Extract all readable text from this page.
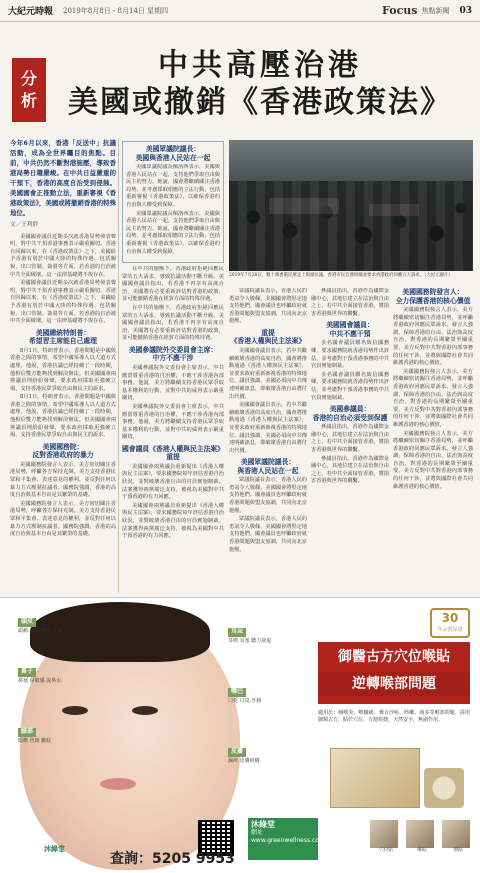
大紀元時報 2019年8月8日 - 8月14日 星期四	Focus 焦點新聞 03
分
析
中共高壓治港
美國或撤銷《香港政策法》
今年6月以來，香港「反送中」抗議活動，成為全世界矚目的焦點。目前，中共仍然不斷對港施壓，導致香港局勢日趨嚴峻。在中共日益嚴重的干預下，香港的高度自治受到侵蝕。美國國會正推動立法，重新審視《香港政策法》，美國或將撤銷香港的特殊地位。
文／王利群

美國國會議員近期多次就香港局勢發表聲明，對中共干預香港事務表示嚴重關切。香港自回歸以來，在《香港政策法》之下，美國給予香港有別於中國大陸的特殊待遇，包括關稅、出口管制、簽證等方面。若香港的自治被中共全面破壞，這一法律基礎將不復存在。

美國國會議員近期多次就香港局勢發表聲明，對中共干預香港事務表示嚴重關切。香港自回歸以來，在《香港政策法》之下，美國給予香港有別於中國大陸的特殊待遇，包括關稅、出口管制、簽證等方面。若香港的自治被中共全面破壞，這一法律基礎將不復存在。

美國總統特朗普：
希望習主席能自己處理

8月1日，特朗普表示，香港問題是中國與香港之間的事情，希望中國領導人以人道方式處理。他說，香港抗議已經持續了一段時間，他相信雙方能夠找到解決辦法。但美國國會兩黨議員則紛紛發聲，要求政府採取更強硬立場，支持香港民眾爭取自由與民主的訴求。

8月1日，特朗普表示，香港問題是中國與香港之間的事情，希望中國領導人以人道方式處理。他說，香港抗議已經持續了一段時間，他相信雙方能夠找到解決辦法。但美國國會兩黨議員則紛紛發聲，要求政府採取更強硬立場，支持香港民眾爭取自由與民主的訴求。

美國國務院：
反對香港政府的暴力

美國國務院發言人表示，美方密切關注香港局勢，呼籲各方保持克制。美方支持香港民眾和平集會、表達意見的權利，並反對任何以暴力方式壓制抗議者。國務院強調，香港的高度自治與基本自由是其繁榮的基礎。

美國國務院發言人表示，美方密切關注香港局勢，呼籲各方保持克制。美方支持香港民眾和平集會、表達意見的權利，並反對任何以暴力方式壓制抗議者。國務院強調，香港的高度自治與基本自由是其繁榮的基礎。

美國眾議院議長：
美國與香港人民站在一起

美國眾議院議長佩洛西表示，美國與香港人民站在一起，支持他們爭取自由與民主的努力。她說，國會將繼續關注香港局勢，並考慮採取相應的立法行動，包括重新審視《香港政策法》，以確保香港的自治與人權受到保障。

美國眾議院議長佩洛西表示，美國與香港人民站在一起，支持他們爭取自由與民主的努力。她說，國會將繼續關注香港局勢，並考慮採取相應的立法行動，包括重新審視《香港政策法》，以確保香港的自治與人權受到保障。

在中共的施壓下，香港政府拒絕回應民眾的五大訴求，導致抗議活動不斷升級。美國國會議員指出，若香港不再享有高度自治，美國將有必要重新評估對香港的政策，並可能撤銷香港在經貿方面的特殊待遇。

在中共的施壓下，香港政府拒絕回應民眾的五大訴求，導致抗議活動不斷升級。美國國會議員指出，若香港不再享有高度自治，美國將有必要重新評估對香港的政策，並可能撤銷香港在經貿方面的特殊待遇。

美國參議院外交委員會主席：
中方不應干涉

美國參議院外交委員會主席表示，中共應當尊重香港的自治權，不應干涉香港內部事務。他說，美方將繼續支持香港民眾爭取基本權利的行動，並對中共的威脅表示嚴重關切。

美國參議院外交委員會主席表示，中共應當尊重香港的自治權，不應干涉香港內部事務。他說，美方將繼續支持香港民眾爭取基本權利的行動，並對中共的威脅表示嚴重關切。

國會議員《香港人權與民主法案》
重提

美國國會兩黨議員重新提出《香港人權與民主法案》，要求國務院每年評估香港自治狀況，並對破壞香港自由的官員實施制裁。法案獲得兩黨廣泛支持，被視為美國對中共干預香港的有力回應。

美國國會兩黨議員重新提出《香港人權與民主法案》，要求國務院每年評估香港自治狀況，並對破壞香港自由的官員實施制裁。法案獲得兩黨廣泛支持，被視為美國對中共干預香港的有力回應。

2019年7月28日，數十萬香港民眾走上街頭抗議，香港市民自發組織並要求香港政府回應五大訴求。（大紀元圖片）

眾議院議長表示，香港人民的勇氣令人敬佩，美國國會將堅定地支持他們。國會議員也呼籲政府就香港問題與盟友協調，共同向北京施壓。

重提
《香港人權與民主法案》

美國國會議員表示，若中共繼續破壞香港的高度自治，國會將推動通過《香港人權與民主法案》，並要求政府重新審視香港的特殊地位。議員強調，美國必須向中共傳達明確訊息，即破壞香港自由將付出代價。

美國國會議員表示，若中共繼續破壞香港的高度自治，國會將推動通過《香港人權與民主法案》，並要求政府重新審視香港的特殊地位。議員強調，美國必須向中共傳達明確訊息，即破壞香港自由將付出代價。

美國眾議院議長：
與香港人民站在一起

眾議院議長表示，香港人民的勇氣令人敬佩，美國國會將堅定地支持他們。國會議員也呼籲政府就香港問題與盟友協調，共同向北京施壓。

眾議院議長表示，香港人民的勇氣令人敬佩，美國國會將堅定地支持他們。國會議員也呼籲政府就香港問題與盟友協調，共同向北京施壓。

參議員指出，香港作為國際金融中心，其地位建立在法治與自由之上，若中共全面接管香港，將損害香港與世界的聯繫。

美國國會議員：
中共不應干預

多名國會議員聯名致信國務卿，要求國務院就香港局勢作出評估，並考慮對干預香港事務的中共官員實施制裁。

多名國會議員聯名致信國務卿，要求國務院就香港局勢作出評估，並考慮對干預香港事務的中共官員實施制裁。

美國參議員：
香港的自治必須受到保護

參議員指出，香港作為國際金融中心，其地位建立在法治與自由之上，若中共全面接管香港，將損害香港與世界的聯繫。

參議員指出，香港作為國際金融中心，其地位建立在法治與自由之上，若中共全面接管香港，將損害香港與世界的聯繫。

美國國務院發言人：
全力保護香港的核心價值

美國國務院發言人表示，美方將繼續密切關注香港局勢，並呼籲香港政府回應民眾訴求。發言人強調，保障香港的自由、法治與高度自治，對香港的長期繁榮至關重要。美方反對中共對香港內部事務的任何干涉，並將與國際社會共同維護香港的核心價值。

美國國務院發言人表示，美方將繼續密切關注香港局勢，並呼籲香港政府回應民眾訴求。發言人強調，保障香港的自由、法治與高度自治，對香港的長期繁榮至關重要。美方反對中共對香港內部事務的任何干涉，並將與國際社會共同維護香港的核心價值。

美國國務院發言人表示，美方將繼續密切關注香港局勢，並呼籲香港政府回應民眾訴求。發言人強調，保障香港的自由、法治與高度自治，對香港的長期繁榮至關重要。美方反對中共對香港內部事務的任何干涉，並將與國際社會共同維護香港的核心價值。

頭皮
頭痛 頭昏 健忘 失眠
鼻子
鼻塞 鼻敏感 流鼻水
臉部
暗瘡 色斑 皺紋
耳朵
耳鳴 耳塞 聽力衰退
嘴巴
口乾 口臭 牙痛
皮膚
濕疹 皮膚痕癢
30
年品質保證
御醫古方穴位喉貼
逆轉喉部問題
適用於：咽喉炎、喉嚨痛、聲音沙啞、咳嗽、痰多等喉部問題。採用御醫古方，貼於穴位，方便快捷，天然安全，無副作用。
沐綠堂
查詢：5205 9953
沐綠堂
網址 www.greenwellness.com
穴位貼	喉貼	頸貼
